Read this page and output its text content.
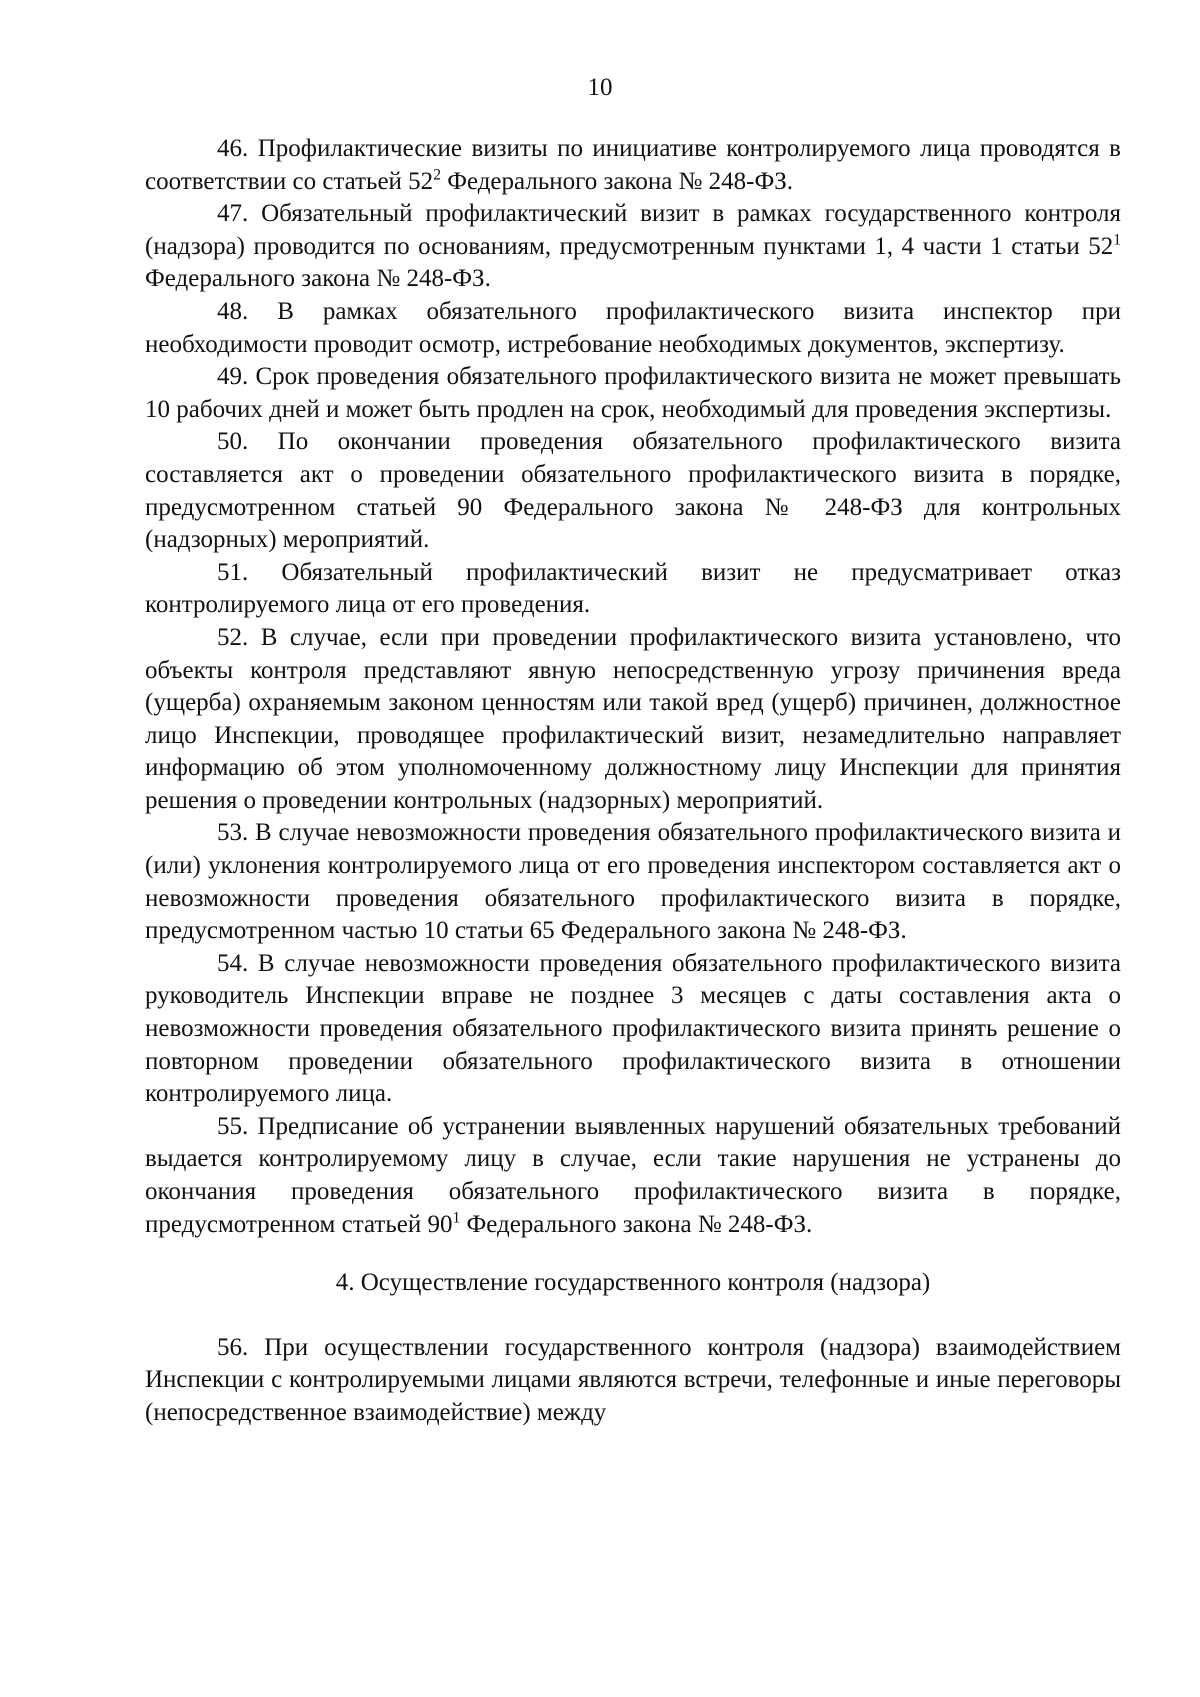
10

46. Профилактические визиты по инициативе контролируемого лица проводятся в соответствии со статьей $52^2$ Федерального закона № 248-ФЗ.

47. Обязательный профилактический визит в рамках государственного контроля (надзора) проводится по основаниям, предусмотренным пунктами 1, 4 части 1 статьи $52^1$ Федерального закона № 248-ФЗ.

48. В рамках обязательного профилактического визита инспектор при необходимости проводит осмотр, истребование необходимых документов, экспертизу.

49. Срок проведения обязательного профилактического визита не может превышать 10 рабочих дней и может быть продлен на срок, необходимый для проведения экспертизы.

50. По окончании проведения обязательного профилактического визита составляется акт о проведении обязательного профилактического визита в порядке, предусмотренном статьей 90 Федерального закона № 248-ФЗ для контрольных (надзорных) мероприятий.

51. Обязательный профилактический визит не предусматривает отказ контролируемого лица от его проведения.

52. В случае, если при проведении профилактического визита установлено, что объекты контроля представляют явную непосредственную угрозу причинения вреда (ущерба) охраняемым законом ценностям или такой вред (ущерб) причинен, должностное лицо Инспекции, проводящее профилактический визит, незамедлительно направляет информацию об этом уполномоченному должностному лицу Инспекции для принятия решения о проведении контрольных (надзорных) мероприятий.

53. В случае невозможности проведения обязательного профилактического визита и (или) уклонения контролируемого лица от его проведения инспектором составляется акт о невозможности проведения обязательного профилактического визита в порядке, предусмотренном частью 10 статьи 65 Федерального закона № 248-ФЗ.

54. В случае невозможности проведения обязательного профилактического визита руководитель Инспекции вправе не позднее 3 месяцев с даты составления акта о невозможности проведения обязательного профилактического визита принять решение о повторном проведении обязательного профилактического визита в отношении контролируемого лица.

55. Предписание об устранении выявленных нарушений обязательных требований выдается контролируемому лицу в случае, если такие нарушения не устранены до окончания проведения обязательного профилактического визита в порядке, предусмотренном статьей $90^1$ Федерального закона № 248-ФЗ.

4. Осуществление государственного контроля (надзора)

56. При осуществлении государственного контроля (надзора) взаимодействием Инспекции с контролируемыми лицами являются встречи, телефонные и иные переговоры (непосредственное взаимодействие) между
